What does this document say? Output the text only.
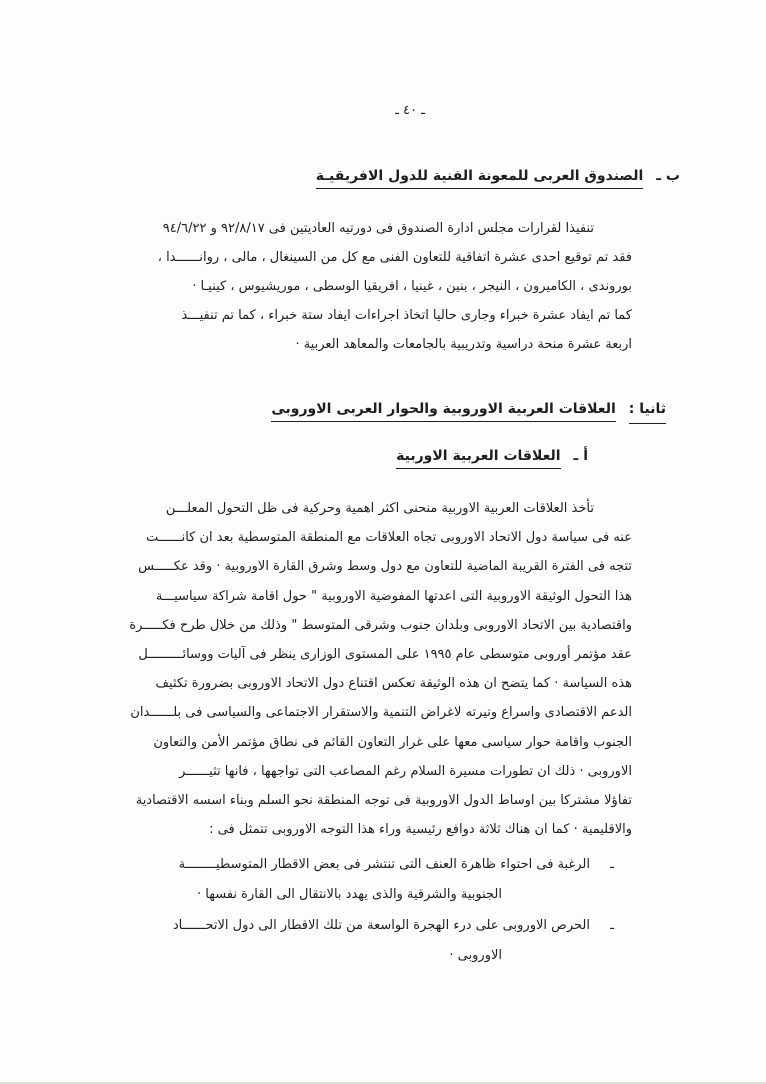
ـ ٤٠ ـ
ب ـ
الصندوق العربى للمعونة الفنية للدول الافريقيـة
تنفيذا لقرارات مجلس ادارة الصندوق فى دورتيه العاديتين فى ٩٢/٨/١٧ و ٩٤/٦/٢٢
فقد تم توقيع احدى عشرة اتفاقية للتعاون الفنى مع كل من السينغال ، مالى ، روانــــــدا ،
بوروندى ، الكاميرون ، النيجر ، بنين ، غينيا ، افريقيا الوسطى ، موريشيوس ، كينيـا ·
كما تم ايفاد عشرة خبراء وجارى حاليا اتخاذ اجراءات ايفاد ستة خبراء ، كما تم تنفيـــذ
اربعة عشرة منحة دراسية وتدريبية بالجامعات والمعاهد العربية ·
ثانيا :
العلاقات العربية الاوروبية والحوار العربى الاوروبى
أ ـ
العلاقات العربية الاوربية
تأخذ العلاقات العربية الاوربية منحنى اكثر اهمية وحركية فى ظل التحول المعلـــن
عنه فى سياسة دول الاتحاد الاوروبى تجاه العلاقات مع المنطقة المتوسطية بعد ان كانــــــت
تتجه فى الفترة القريبة الماضية للتعاون مع دول وسط وشرق القارة الاوروبية · وقد عكـــــس
هذا التحول الوثيقة الاوروبية التى اعدتها المفوضية الاوروبية " حول اقامة شراكة سياسيـــة
واقتصادية بين الاتحاد الاوروبى وبلدان جنوب وشرقى المتوسط " وذلك من خلال طرح فكـــــرة
عقد مؤتمر أوروبى متوسطى عام ١٩٩٥ على المستوى الوزارى ينظر فى آليات ووسائـــــــــل
هذه السياسة · كما يتضح ان هذه الوثيقة تعكس اقتناع دول الاتحاد الاوروبى بضرورة تكثيف
الدعم الاقتصادى واسراع وتيرته لاغراض التنمية والاستقرار الاجتماعى والسياسى فى بلــــــدان
الجنوب واقامة حوار سياسى معها على غرار التعاون القائم فى نطاق مؤتمر الأمن والتعاون
الاوروبى · ذلك ان تطورات مسيرة السلام رغم المصاعب التى تواجهها ، فانها تثيــــــر
تفاؤلا مشتركا بين اوساط الدول الاوروبية فى توجه المنطقة نحو السلم وبناء اسسه الاقتصادية
والاقليمية · كما ان هناك ثلاثة دوافع رئيسية وراء هذا التوجه الاوروبى تتمثل فى :
ـ
الرغبة فى احتواء ظاهرة العنف التى تنتشر فى بعض الاقطار المتوسطيــــــــة
الجنوبية والشرقية والذى يهدد بالانتقال الى القارة نفسها ·
ـ
الحرص الاوروبى على درء الهجرة الواسعة من تلك الاقطار الى دول الاتحــــــاد
الاوروبى ·
